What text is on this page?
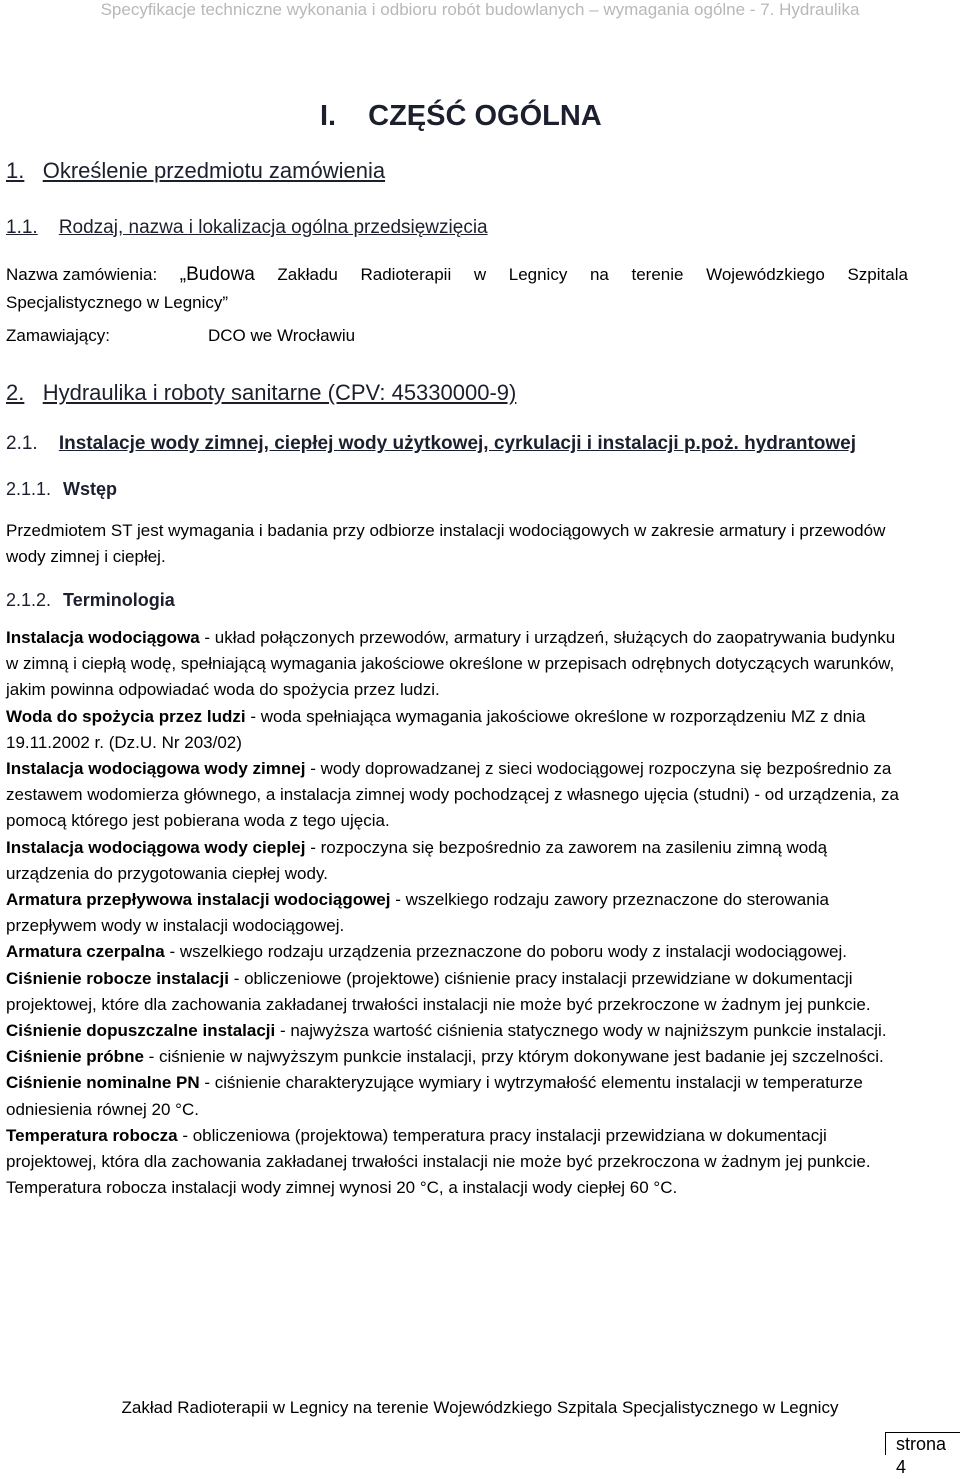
Specyfikacje techniczne wykonania i odbioru robót budowlanych – wymagania ogólne - 7. Hydraulika
I. CZĘŚĆ OGÓLNA
1. Określenie przedmiotu zamówienia
1.1. Rodzaj, nazwa i lokalizacja ogólna przedsięwzięcia
Nazwa zamówienia: „Budowa Zakładu Radioterapii w Legnicy na terenie Wojewódzkiego Szpitala
Specjalistycznego w Legnicy”
Zamawiający:	DCO we Wrocławiu
2. Hydraulika i roboty sanitarne (CPV: 45330000-9)
2.1. Instalacje wody zimnej, ciepłej wody użytkowej, cyrkulacji i instalacji p.poż. hydrantowej
2.1.1. Wstęp
Przedmiotem ST jest wymagania i badania przy odbiorze instalacji wodociągowych w zakresie armatury i przewodów wody zimnej i ciepłej.
2.1.2. Terminologia

Instalacja wodociągowa - układ połączonych przewodów, armatury i urządzeń, służących do zaopatrywania budynku w zimną i ciepłą wodę, spełniającą wymagania jakościowe określone w przepisach odrębnych dotyczących warunków, jakim powinna odpowiadać woda do spożycia przez ludzi.

Woda do spożycia przez ludzi - woda spełniająca wymagania jakościowe określone w rozporządzeniu MZ z dnia 19.11.2002 r. (Dz.U. Nr 203/02)

Instalacja wodociągowa wody zimnej - wody doprowadzanej z sieci wodociągowej rozpoczyna się bezpośrednio za zestawem wodomierza głównego, a instalacja zimnej wody pochodzącej z własnego ujęcia (studni) - od urządzenia, za pomocą którego jest pobierana woda z tego ujęcia.

Instalacja wodociągowa wody cieplej - rozpoczyna się bezpośrednio za zaworem na zasileniu zimną wodą urządzenia do przygotowania ciepłej wody.

Armatura przepływowa instalacji wodociągowej - wszelkiego rodzaju zawory przeznaczone do sterowania przepływem wody w instalacji wodociągowej.

Armatura czerpalna - wszelkiego rodzaju urządzenia przeznaczone do poboru wody z instalacji wodociągowej.

Ciśnienie robocze instalacji - obliczeniowe (projektowe) ciśnienie pracy instalacji przewidziane w dokumentacji projektowej, które dla zachowania zakładanej trwałości instalacji nie może być przekroczone w żadnym jej punkcie.

Ciśnienie dopuszczalne instalacji - najwyższa wartość ciśnienia statycznego wody w najniższym punkcie instalacji.

Ciśnienie próbne - ciśnienie w najwyższym punkcie instalacji, przy którym dokonywane jest badanie jej szczelności.

Ciśnienie nominalne PN - ciśnienie charakteryzujące wymiary i wytrzymałość elementu instalacji w temperaturze odniesienia równej 20 °C.

Temperatura robocza - obliczeniowa (projektowa) temperatura pracy instalacji przewidziana w dokumentacji projektowej, która dla zachowania zakładanej trwałości instalacji nie może być przekroczona w żadnym jej punkcie. Temperatura robocza instalacji wody zimnej wynosi 20 °C, a instalacji wody ciepłej 60 °C.

Zakład Radioterapii w Legnicy na terenie Wojewódzkiego Szpitala Specjalistycznego w Legnicy
strona 4
